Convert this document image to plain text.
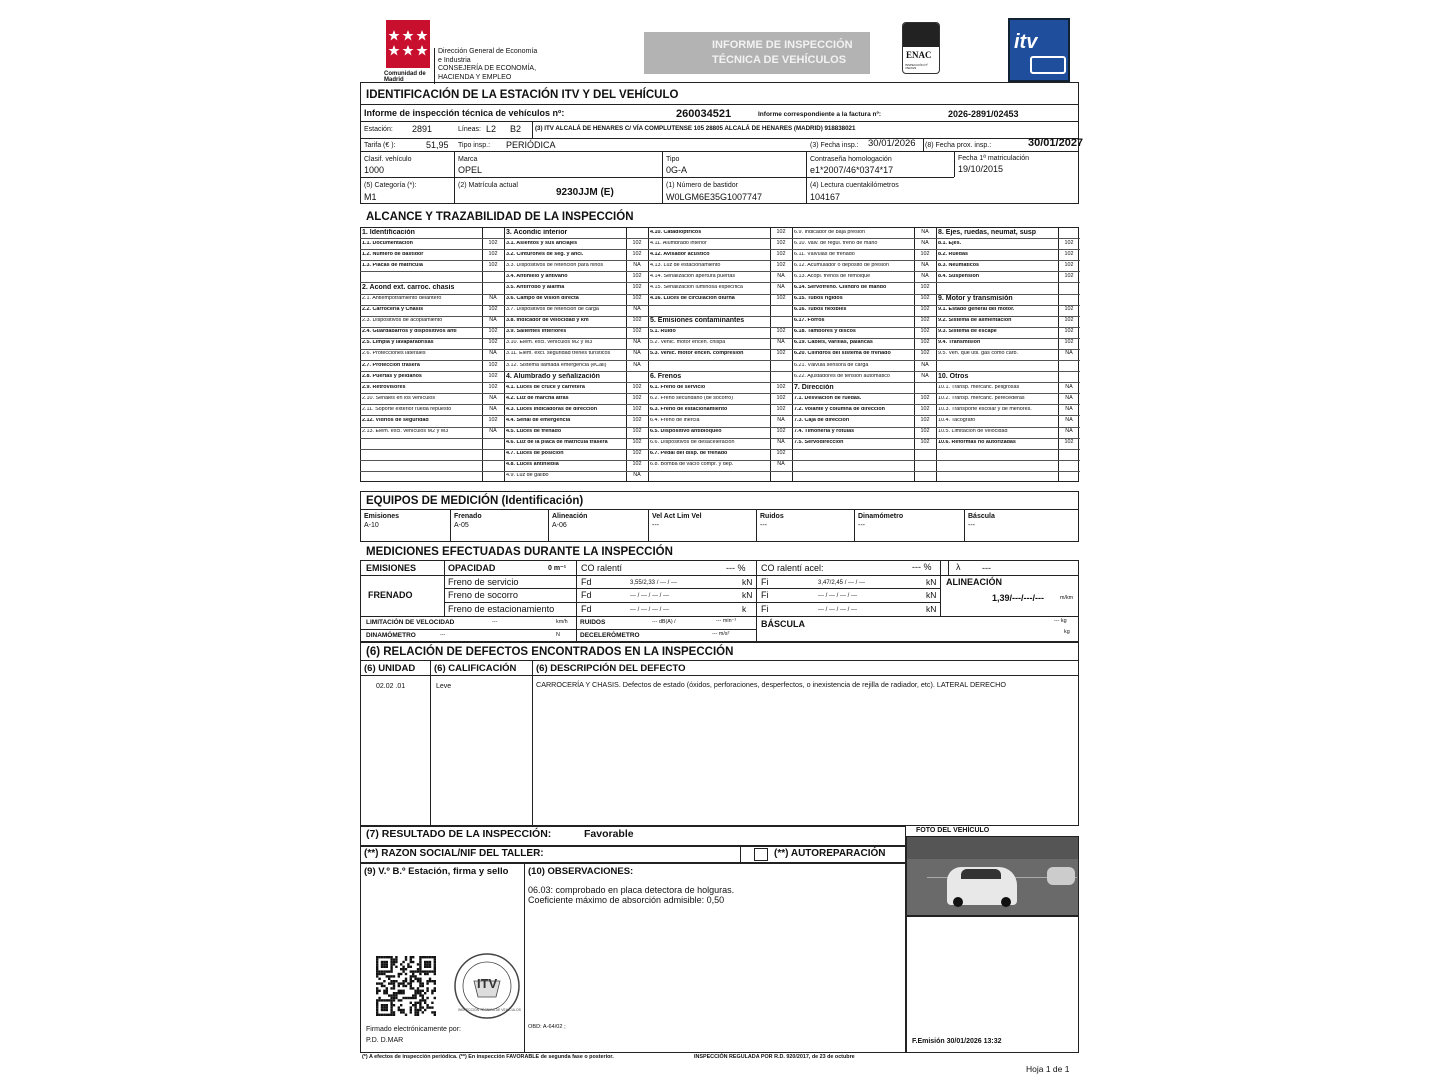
Comunidad de Madrid
Dirección General de Economía
e Industria
CONSEJERÍA DE ECONOMÍA,
HACIENDA Y EMPLEO
INFORME DE INSPECCIÓN
TÉCNICA DE VEHÍCULOS	ENAC
INSPECCIÓN Nº 7/EI/023
itv
IDENTIFICACIÓN DE LA ESTACIÓN ITV Y DEL VEHÍCULO
Informe de inspección técnica de vehículos nº:	260034521	Informe correspondiente a la factura nº:	2026-2891/02453
Estación: 2891	Líneas: L2 B2 (3) ITV ALCALÁ DE HENARES C/ VÍA COMPLUTENSE 105 28805 ALCALÁ DE HENARES (MADRID) 918838021
Tarifa (€ ):	51,95 Tipo insp.: PERIÓDICA	(3) Fecha insp.: 30/01/2026 (8) Fecha prox. insp.:	30/01/2027
Clasif. vehículo
1000
Marca
OPEL
Tipo
0G-A
Contraseña homologación
e1*2007/46*0374*17
Fecha 1ª matriculación
19/10/2015
(5) Categoría (*):
M1
(2) Matrícula actual
9230JJM (E)
(1) Número de bastidor
W0LGM6E35G1007747
(4) Lectura cuentakilómetros
104167
ALCANCE Y TRAZABILIDAD DE LA INSPECCIÓN
1. Identificación
1.1. Documentación	102
1.2. Número de bastidor	102
1.3. Placas de matrícula	102
2. Acond ext. carroc. chasis
2.1. Antiempotramiento delantero	NA
2.2. Carrocería y Chasis	102
2.3. Dispositivos de acoplamiento	NA
2.4. Guardabarros y dispositivos anti	102
2.5. Limpia y lavaparabrisas	102
2.6. Protecciones laterales	NA
2.7. Protección trasera	102
2.8. Puertas y peldaños	102
2.9. Retrovisores	102
2.10. Señales en los vehículos	NA
2.11. Soporte exterior rueda repuesto	NA
2.12. Vidrios de seguridad	102
2.13. Elem. excl. vehículos M2 y M3	NA
3. Acondic interior
3.1. Asientos y sus anclajes	102
3.2. Cinturones de seg. y ancl.	102
3.3. Dispositivos de retención para niños	NA
3.4. Antihielo y antivaho	102
3.5. Antirrobo y alarma	102
3.6. Campo de visión directa	102
3.7. Dispositivos de retención de carga	NA
3.8. Indicador de velocidad y km	102
3.9. Salientes interiores	102
3.10. Elem. excl. vehículos M2 y M3	NA
3.11. Elem. excl. seguridad trenes turísticos	NA
3.12. Sistema llamada emergencia (eCall)	NA
4. Alumbrado y señalización
4.1. Luces de cruce y carretera	102
4.2. Luz de marcha atrás	102
4.3. Luces indicadoras de dirección	102
4.4. Señal de emergencia	102
4.5. Luces de frenado	102
4.6. Luz de la placa de matrícula trasera	102
4.7. Luces de posición	102
4.8. Luces antiniebla	102
4.9. Luz de gálibo	NA
4.10. Catadióptricos	102
4.11. Alumbrado interior	102
4.12. Avisador acústico	102
4.13. Luz de estacionamiento	102
4.14. Señalización apertura puertas	NA
4.15. Señalización luminosa específica	NA
4.16. Luces de circulación diurna	102
5. Emisiones contaminantes
5.1. Ruido	102
5.2. Vehic. motor encen. chispa	NA
5.3. Vehic. motor encen. compresión	102
6. Frenos
6.1. Freno de servicio	102
6.2. Freno secundario (de socorro)	102
6.3. Freno de estacionamiento	102
6.4. Freno de inercia	NA
6.5. Dispositivo antibloqueo	102
6.6. Dispositivos de desaceleración	NA
6.7. Pedal del disp. de frenado	102
6.8. Bomba de vacío compr. y dep.	NA
6.9. Indicador de baja presión	NA
6.10. Valv. de regul. freno de mano	NA
6.11. Válvulas de frenado	102
6.12. Acumulador o depósito de presión	NA
6.13. Acopl. frenos de remolque	NA
6.14. Servofreno. Cilindro de mando	102
6.15. Tubos rígidos	102
6.16. Tubos flexibles	102
6.17. Forros	102
6.18. Tambores y discos	102
6.19. Cables, varillas, palancas	102
6.20. Cilindros del sistema de frenado	102
6.21. Válvula sensora de carga	NA
6.22. Ajustadores de tensión automático	NA
7. Dirección
7.1. Desviación de ruedas.	102
7.2. Volante y columna de dirección	102
7.3. Caja de dirección	102
7.4. Timonería y rótulas	102
7.5. Servodirección	102
8. Ejes, ruedas, neumat, susp
8.1. Ejes.	102
8.2. Ruedas	102
8.3. Neumáticos	102
8.4. Suspensión	102
9. Motor y transmisión
9.1. Estado general del motor.	102
9.2. Sistema de alimentación	102
9.3. Sistema de escape	102
9.4. Transmisión	102
9.5. Veh. que util. gas como carb.	NA
10. Otros
10.1. Transp. mercanc. peligrosas	NA
10.2. Transp. mercanc. perecederas	NA
10.3. Transporte escolar y de menores.	NA
10.4. Tacógrafo	NA
10.5. Limitación de velocidad	NA
10.6. Reformas no autorizadas	102
EQUIPOS DE MEDICIÓN (Identificación)
Emisiones
A-10
Frenado
A-05
Alineación
A-06
Vel Act Lim Vel
---
Ruidos
---
Dinamómetro
---
Báscula
---
MEDICIONES EFECTUADAS DURANTE LA INSPECCIÓN
EMISIONES	OPACIDAD	0 m⁻¹ CO ralentí	--- % CO ralentí acel:	--- %	λ ---
FRENADO
Freno de servicio	Fd	3,55/2,33 / --- / ---	kN Fi	3,47/2,45 / --- / ---	kN
Freno de socorro	Fd	--- / --- / --- / ---	kN Fi	--- / --- / --- / ---	kN
Freno de estacionamiento	Fd	--- / --- / --- / ---	k Fi	--- / --- / --- / ---	kN
ALINEACIÓN
1,39/---/---/---	m/km
LIMITACIÓN DE VELOCIDAD	---	km/h RUIDOS	--- dB(A) /	--- min⁻¹	BÁSCULA	--- kg
kg
DINAMÓMETRO	---	N	DECELERÓMETRO	--- m/s²
(6) RELACIÓN DE DEFECTOS ENCONTRADOS EN LA INSPECCIÓN
(6) UNIDAD (6) CALIFICACIÓN (6) DESCRIPCIÓN DEL DEFECTO
02.02 .01	Leve	CARROCERÍA Y CHASIS. Defectos de estado (óxidos, perforaciones, desperfectos, o inexistencia de rejilla de radiador, etc). LATERAL DERECHO
(7) RESULTADO DE LA INSPECCIÓN:	Favorable	FOTO DEL VEHÍCULO
(**) RAZON SOCIAL/NIF DEL TALLER:	(**) AUTOREPARACIÓN
(9) V.º B.º Estación, firma y sello (10) OBSERVACIONES:
06.03: comprobado en placa detectora de holguras.
Coeficiente máximo de absorción admisible: 0,50
ITV
INSPECCIÓN TÉCNICA DE VEHÍCULOS
Firmado electrónicamente por:
P.D. D.MAR
OBD: A-64/02 ;
F.Emisión 30/01/2026 13:32
(*) A efectos de inspección periódica. (**) En inspección FAVORABLE de segunda fase o posterior.	INSPECCIÓN REGULADA POR R.D. 920/2017, de 23 de octubre
Hoja 1 de 1
